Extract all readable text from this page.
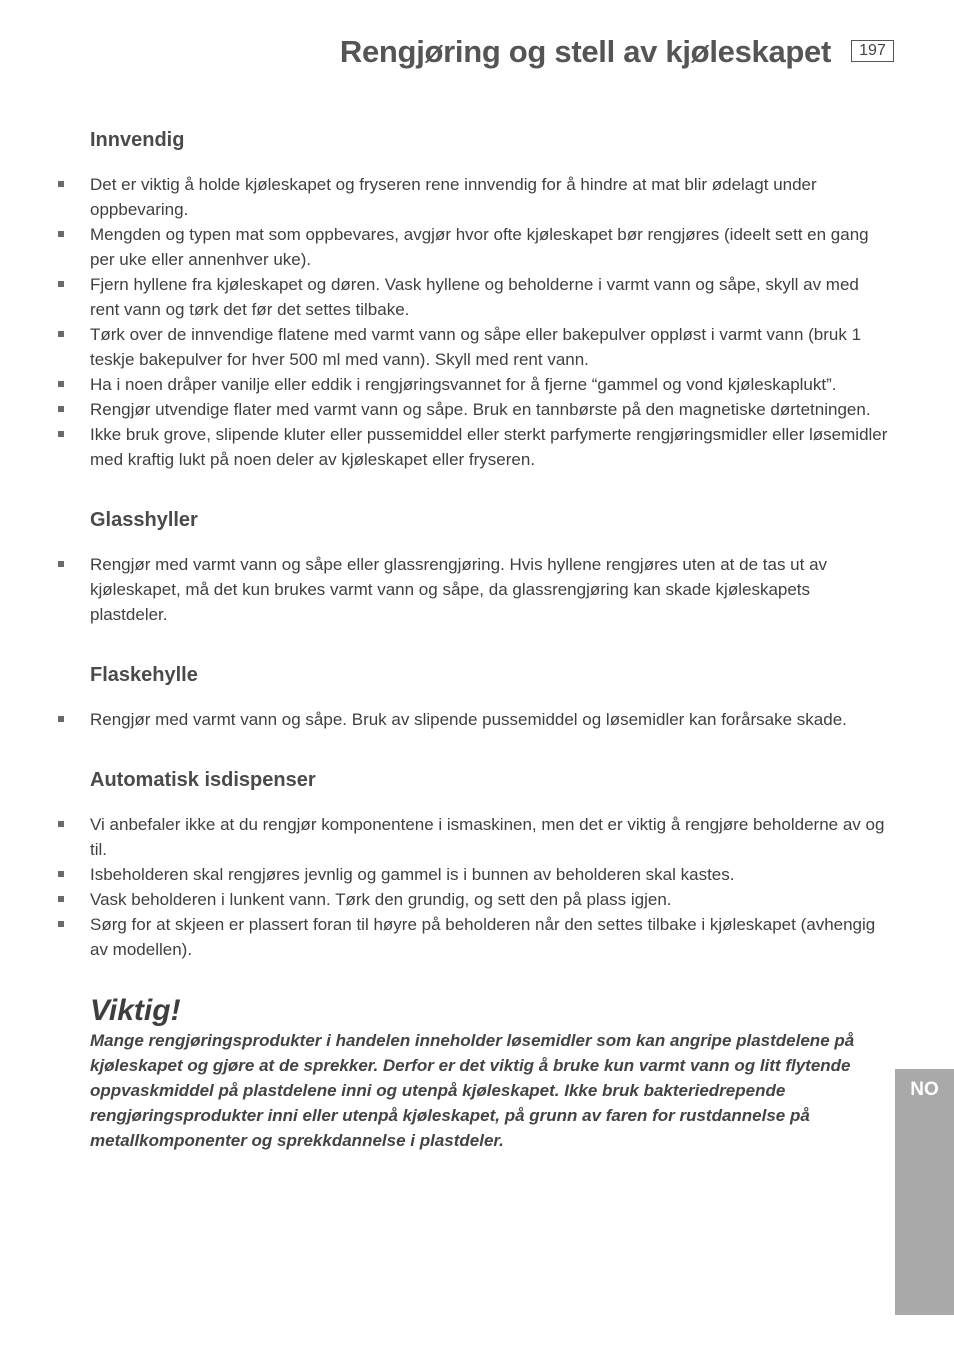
Rengjøring og stell av kjøleskapet	197
Innvendig
Det er viktig å holde kjøleskapet og fryseren rene innvendig for å hindre at mat blir ødelagt under oppbevaring.
Mengden og typen mat som oppbevares, avgjør hvor ofte kjøleskapet bør rengjøres (ideelt sett en gang per uke eller annenhver uke).
Fjern hyllene fra kjøleskapet og døren. Vask hyllene og beholderne i varmt vann og såpe, skyll av med rent vann og tørk det før det settes tilbake.
Tørk over de innvendige flatene med varmt vann og såpe eller bakepulver oppløst i varmt vann (bruk 1 teskje bakepulver for hver 500 ml med vann). Skyll med rent vann.
Ha i noen dråper vanilje eller eddik i rengjøringsvannet for å fjerne “gammel og vond kjøleskaplukt”.
Rengjør utvendige flater med varmt vann og såpe. Bruk en tannbørste på den magnetiske dørtetningen.
Ikke bruk grove, slipende kluter eller pussemiddel eller sterkt parfymerte rengjøringsmidler eller løsemidler med kraftig lukt på noen deler av kjøleskapet eller fryseren.
Glasshyller
Rengjør med varmt vann og såpe eller glassrengjøring. Hvis hyllene rengjøres uten at de tas ut av kjøleskapet, må det kun brukes varmt vann og såpe, da glassrengjøring kan skade kjøleskapets plastdeler.
Flaskehylle
Rengjør med varmt vann og såpe. Bruk av slipende pussemiddel og løsemidler kan forårsake skade.
Automatisk isdispenser
Vi anbefaler ikke at du rengjør komponentene i ismaskinen, men det er viktig å rengjøre beholderne av og til.
Isbeholderen skal rengjøres jevnlig og gammel is i bunnen av beholderen skal kastes.
Vask beholderen i lunkent vann. Tørk den grundig, og sett den på plass igjen.
Sørg for at skjeen er plassert foran til høyre på beholderen når den settes tilbake i kjøleskapet (avhengig av modellen).
Viktig!

Mange rengjøringsprodukter i handelen inneholder løsemidler som kan angripe plastdelene på kjøleskapet og gjøre at de sprekker. Derfor er det viktig å bruke kun varmt vann og litt flytende oppvaskmiddel på plastdelene inni og utenpå kjøleskapet. Ikke bruk bakteriedrepende rengjøringsprodukter inni eller utenpå kjøleskapet, på grunn av faren for rustdannelse på metallkomponenter og sprekkdannelse i plastdeler.

NO
